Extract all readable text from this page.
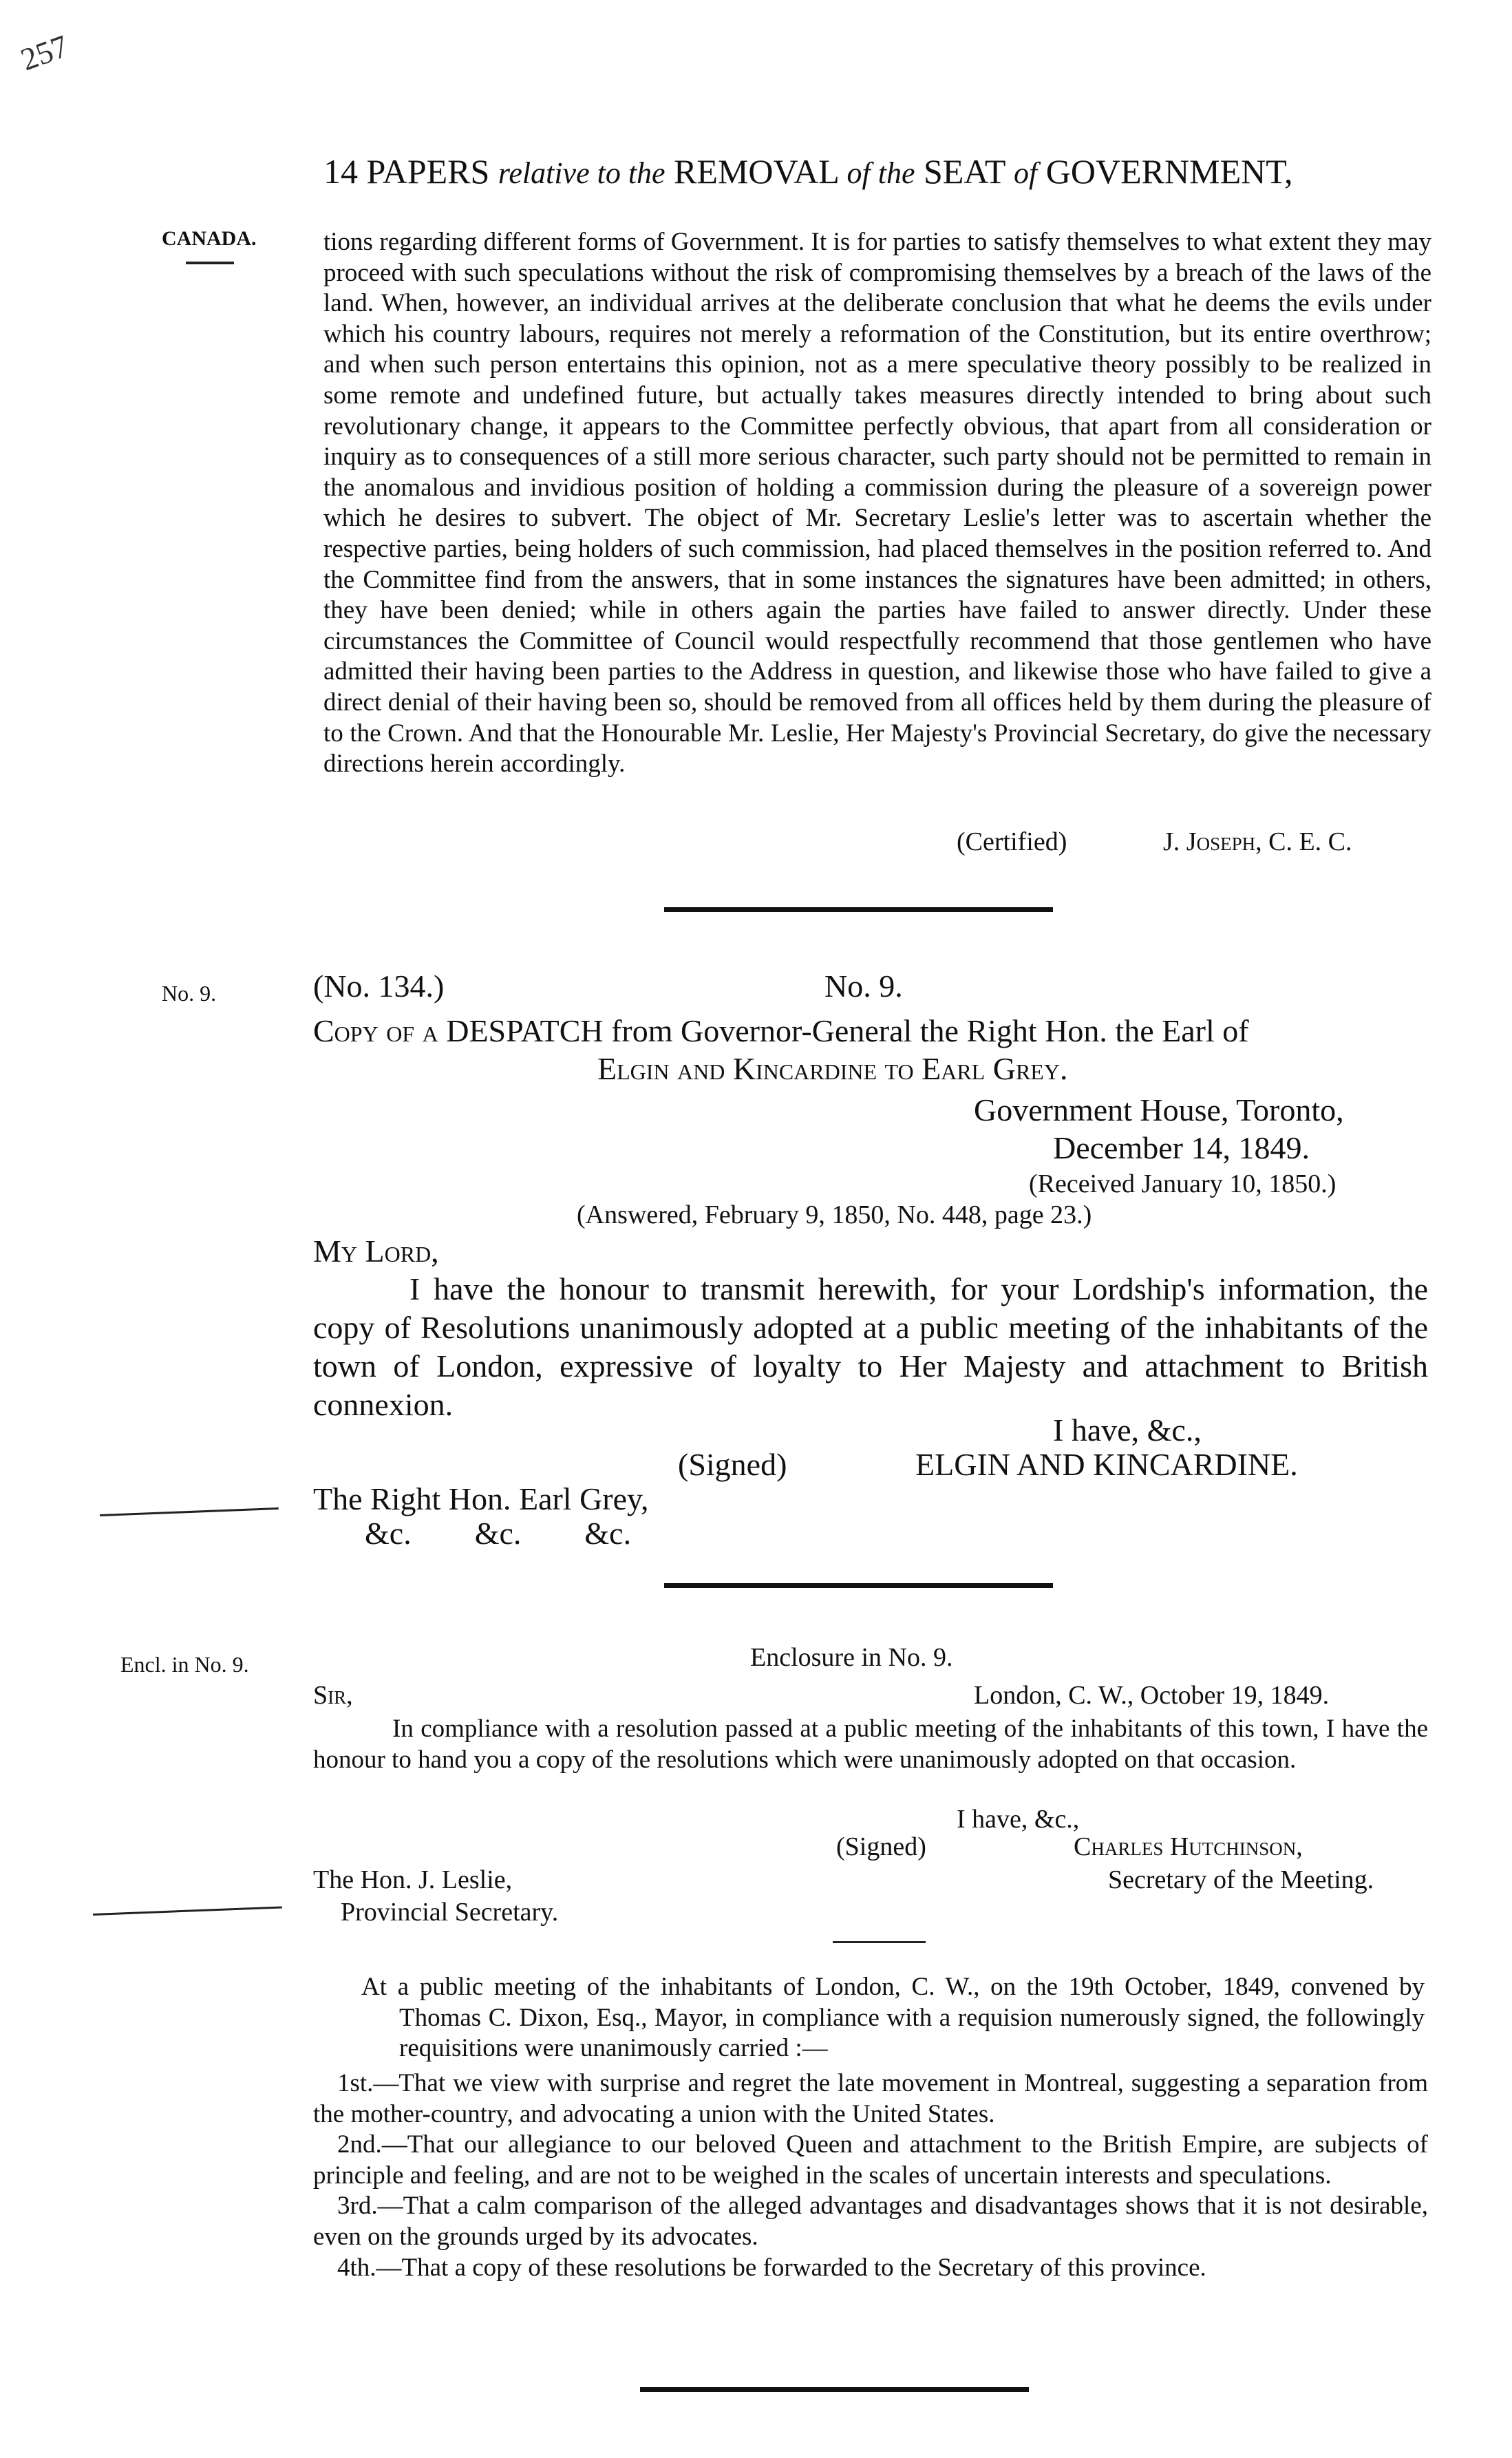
257
14 PAPERS relative to the REMOVAL of the SEAT of GOVERNMENT,
CANADA.	tions regarding different forms of Government. It is for parties to satisfy themselves to what extent they may proceed with such speculations without the risk of compromising themselves by a breach of the laws of the land. When, however, an individual arrives at the deliberate conclusion that what he deems the evils under which his country labours, requires not merely a reformation of the Constitution, but its entire overthrow; and when such person entertains this opinion, not as a mere speculative theory possibly to be realized in some remote and undefined future, but actually takes measures directly intended to bring about such revolutionary change, it appears to the Committee perfectly obvious, that apart from all consideration or inquiry as to consequences of a still more serious character, such party should not be permitted to remain in the anomalous and invidious position of holding a commission during the pleasure of a sovereign power which he desires to subvert. The object of Mr. Secretary Leslie's letter was to ascertain whether the respective parties, being holders of such commission, had placed themselves in the position referred to. And the Committee find from the answers, that in some instances the signatures have been admitted; in others, they have been denied; while in others again the parties have failed to answer directly. Under these circumstances the Committee of Council would respectfully recommend that those gentlemen who have admitted their having been parties to the Address in question, and likewise those who have failed to give a direct denial of their having been so, should be removed from all offices held by them during the pleasure of to the Crown. And that the Honourable Mr. Leslie, Her Majesty's Provincial Secretary, do give the necessary directions herein accordingly.

(Certified)	J. Joseph, C. E. C.
No. 9.	(No. 134.)	No. 9.
Copy of a DESPATCH from Governor-General the Right Hon. the Earl of
Elgin and Kincardine to Earl Grey.
Government House, Toronto,
December 14, 1849.
(Received January 10, 1850.)
(Answered, February 9, 1850, No. 448, page 23.)
My Lord,
I have the honour to transmit herewith, for your Lordship's information, the copy of Resolutions unanimously adopted at a public meeting of the inhabitants of the town of London, expressive of loyalty to Her Majesty and attachment to British connexion.
I have, &c.,
(Signed)	ELGIN AND KINCARDINE.
The Right Hon. Earl Grey,
&c.        &c.        &c.
Encl. in No. 9.	Enclosure in No. 9.
Sir,	London, C. W., October 19, 1849.
In compliance with a resolution passed at a public meeting of the inhabitants of this town, I have the honour to hand you a copy of the resolutions which were unanimously adopted on that occasion.
I have, &c.,
(Signed)	Charles Hutchinson,
The Hon. J. Leslie,	Secretary of the Meeting.
Provincial Secretary.
At a public meeting of the inhabitants of London, C. W., on the 19th October, 1849, convened by Thomas C. Dixon, Esq., Mayor, in compliance with a requision numerously signed, the followingly requisitions were unanimously carried :—

1st.—That we view with surprise and regret the late movement in Montreal, suggesting a separation from the mother-country, and advocating a union with the United States.

2nd.—That our allegiance to our beloved Queen and attachment to the British Empire, are subjects of principle and feeling, and are not to be weighed in the scales of uncertain interests and speculations.

3rd.—That a calm comparison of the alleged advantages and disadvantages shows that it is not desirable, even on the grounds urged by its advocates.

4th.—That a copy of these resolutions be forwarded to the Secretary of this province.
